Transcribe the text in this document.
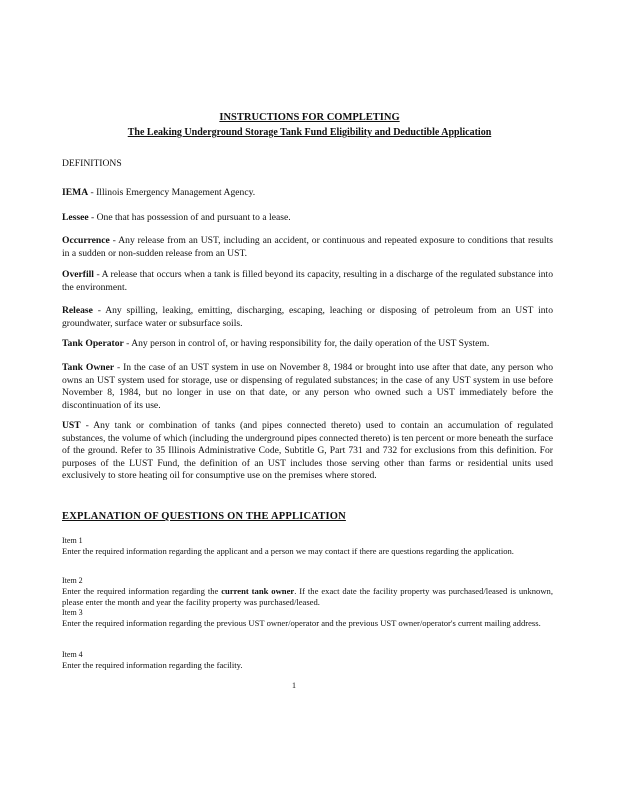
INSTRUCTIONS FOR COMPLETING
The Leaking Underground Storage Tank Fund Eligibility and Deductible Application
DEFINITIONS

IEMA - Illinois Emergency Management Agency.

Lessee - One that has possession of and pursuant to a lease.

Occurrence - Any release from an UST, including an accident, or continuous and repeated exposure to conditions that results in a sudden or non-sudden release from an UST.

Overfill - A release that occurs when a tank is filled beyond its capacity, resulting in a discharge of the regulated substance into the environment.

Release - Any spilling, leaking, emitting, discharging, escaping, leaching or disposing of petroleum from an UST into groundwater, surface water or subsurface soils.

Tank Operator - Any person in control of, or having responsibility for, the daily operation of the UST System.

Tank Owner - In the case of an UST system in use on November 8, 1984 or brought into use after that date, any person who owns an UST system used for storage, use or dispensing of regulated substances; in the case of any UST system in use before November 8, 1984, but no longer in use on that date, or any person who owned such a UST immediately before the discontinuation of its use.

UST - Any tank or combination of tanks (and pipes connected thereto) used to contain an accumulation of regulated substances, the volume of which (including the underground pipes connected thereto) is ten percent or more beneath the surface of the ground. Refer to 35 Illinois Administrative Code, Subtitle G, Part 731 and 732 for exclusions from this definition. For purposes of the LUST Fund, the definition of an UST includes those serving other than farms or residential units used exclusively to store heating oil for consumptive use on the premises where stored.

EXPLANATION OF QUESTIONS ON THE APPLICATION
Item 1

Enter the required information regarding the applicant and a person we may contact if there are questions regarding the application.

Item 2

Enter the required information regarding the current tank owner. If the exact date the facility property was purchased/leased is unknown, please enter the month and year the facility property was purchased/leased.

Item 3

Enter the required information regarding the previous UST owner/operator and the previous UST owner/operator's current mailing address.

Item 4

Enter the required information regarding the facility.

1
